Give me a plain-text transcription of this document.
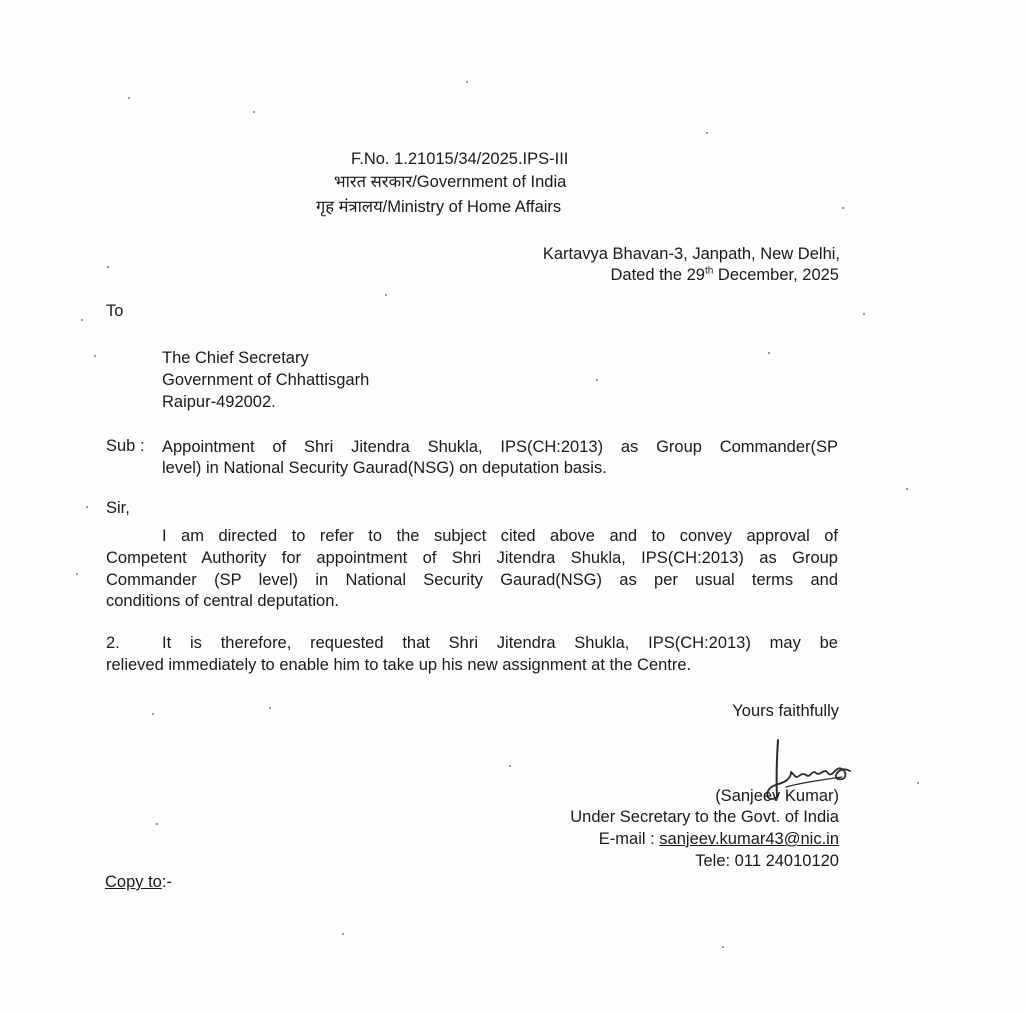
F.No. 1.21015/34/2025.IPS-III
भारत सरकार/Government of India
गृह मंत्रालय/Ministry of Home Affairs
Kartavya Bhavan-3, Janpath, New Delhi,
Dated the 29th December, 2025
To
The Chief Secretary
Government of Chhattisgarh
Raipur-492002.
Sub : Appointment of Shri Jitendra Shukla, IPS(CH:2013) as Group Commander(SP
level) in National Security Gaurad(NSG) on deputation basis.
Sir,
I am directed to refer to the subject cited above and to convey approval of
Competent Authority for appointment of Shri Jitendra Shukla, IPS(CH:2013) as Group
Commander (SP level) in National Security Gaurad(NSG) as per usual terms and
conditions of central deputation.
2.	It is therefore, requested that Shri Jitendra Shukla, IPS(CH:2013) may be
relieved immediately to enable him to take up his new assignment at the Centre.
Yours faithfully
(Sanjeev Kumar)
Under Secretary to the Govt. of India
E-mail : sanjeev.kumar43@nic.in
Tele: 011 24010120
Copy to:-
